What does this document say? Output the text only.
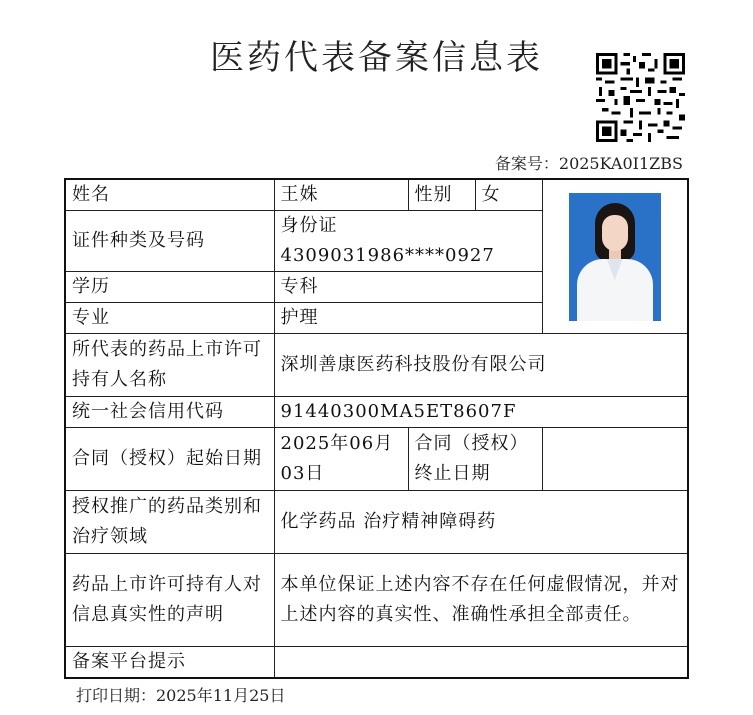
医药代表备案信息表
备案号：2025KA0I1ZBS
姓名	王姝	性别	女	

证件种类及号码	身份证 4309031986****0927			
学历	专科			
专业	护理			
所代表的药品上市许可持有人名称	深圳善康医药科技股份有限公司			
统一社会信用代码	91440300MA5ET8607F			
合同（授权）起始日期	2025年06月03日	合同（授权）终止日期		
授权推广的药品类别和治疗领域	化学药品 治疗精神障碍药			
药品上市许可持有人对信息真实性的声明	本单位保证上述内容不存在任何虚假情况，并对上述内容的真实性、准确性承担全部责任。			
备案平台提示				
打印日期：2025年11月25日
